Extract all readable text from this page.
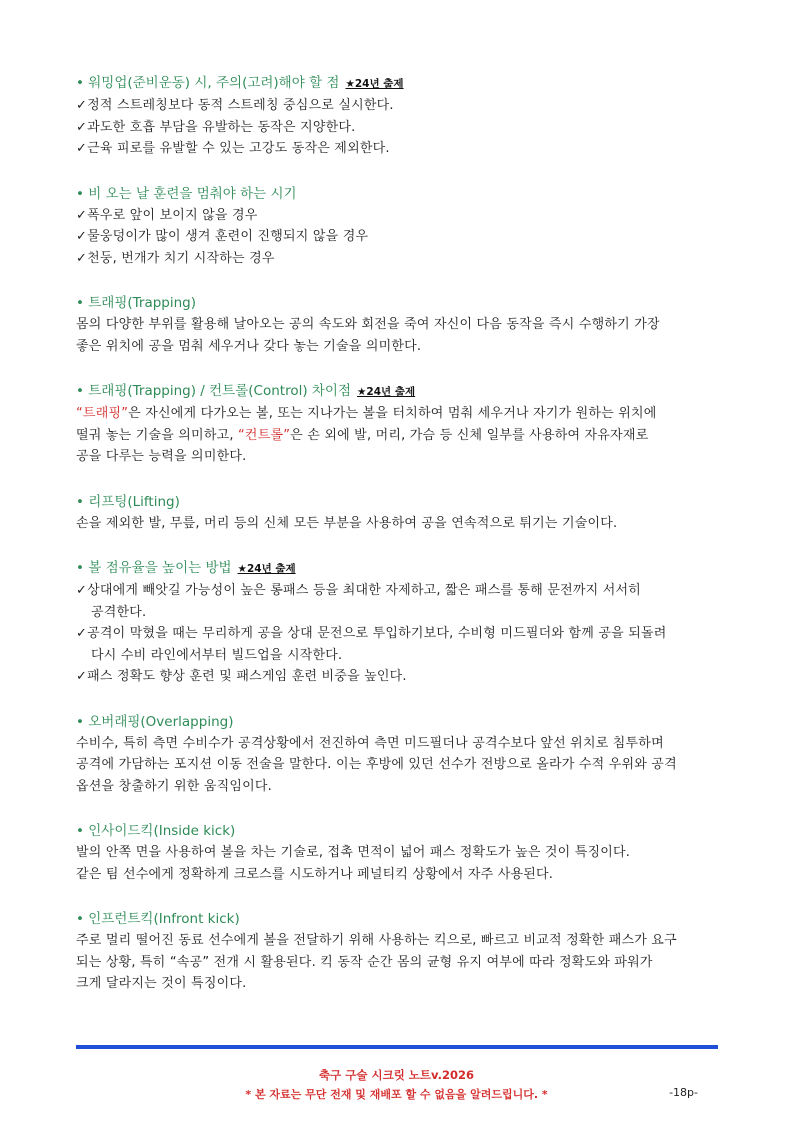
• 워밍업(준비운동) 시, 주의(고려)해야 할 점 ★24년 출제
✓정적 스트레칭보다 동적 스트레칭 중심으로 실시한다.
✓과도한 호흡 부담을 유발하는 동작은 지양한다.
✓근육 피로를 유발할 수 있는 고강도 동작은 제외한다.
• 비 오는 날 훈련을 멈춰야 하는 시기
✓폭우로 앞이 보이지 않을 경우
✓물웅덩이가 많이 생겨 훈련이 진행되지 않을 경우
✓천둥, 번개가 치기 시작하는 경우
• 트래핑(Trapping)
몸의 다양한 부위를 활용해 날아오는 공의 속도와 회전을 죽여 자신이 다음 동작을 즉시 수행하기 가장
좋은 위치에 공을 멈춰 세우거나 갖다 놓는 기술을 의미한다.
• 트래핑(Trapping) / 컨트롤(Control) 차이점 ★24년 출제
“트래핑”은 자신에게 다가오는 볼, 또는 지나가는 볼을 터치하여 멈춰 세우거나 자기가 원하는 위치에
떨궈 놓는 기술을 의미하고, “컨트롤”은 손 외에 발, 머리, 가슴 등 신체 일부를 사용하여 자유자재로
공을 다루는 능력을 의미한다.
• 리프팅(Lifting)
손을 제외한 발, 무릎, 머리 등의 신체 모든 부분을 사용하여 공을 연속적으로 튀기는 기술이다.
• 볼 점유율을 높이는 방법 ★24년 출제
✓상대에게 빼앗길 가능성이 높은 롱패스 등을 최대한 자제하고, 짧은 패스를 통해 문전까지 서서히
공격한다.
✓공격이 막혔을 때는 무리하게 공을 상대 문전으로 투입하기보다, 수비형 미드필더와 함께 공을 되돌려
다시 수비 라인에서부터 빌드업을 시작한다.
✓패스 정확도 향상 훈련 및 패스게임 훈련 비중을 높인다.
• 오버래핑(Overlapping)
수비수, 특히 측면 수비수가 공격상황에서 전진하여 측면 미드필더나 공격수보다 앞선 위치로 침투하며
공격에 가담하는 포지션 이동 전술을 말한다. 이는 후방에 있던 선수가 전방으로 올라가 수적 우위와 공격
옵션을 창출하기 위한 움직임이다.
• 인사이드킥(Inside kick)
발의 안쪽 면을 사용하여 볼을 차는 기술로, 접촉 면적이 넓어 패스 정확도가 높은 것이 특징이다.
같은 팀 선수에게 정확하게 크로스를 시도하거나 페널티킥 상황에서 자주 사용된다.
• 인프런트킥(Infront kick)
주로 멀리 떨어진 동료 선수에게 볼을 전달하기 위해 사용하는 킥으로, 빠르고 비교적 정확한 패스가 요구
되는 상황, 특히 “속공” 전개 시 활용된다. 킥 동작 순간 몸의 균형 유지 여부에 따라 정확도와 파워가
크게 달라지는 것이 특징이다.
축구 구술 시크릿 노트v.2026
* 본 자료는 무단 전재 및 재배포 할 수 없음을 알려드립니다. *	-18p-
